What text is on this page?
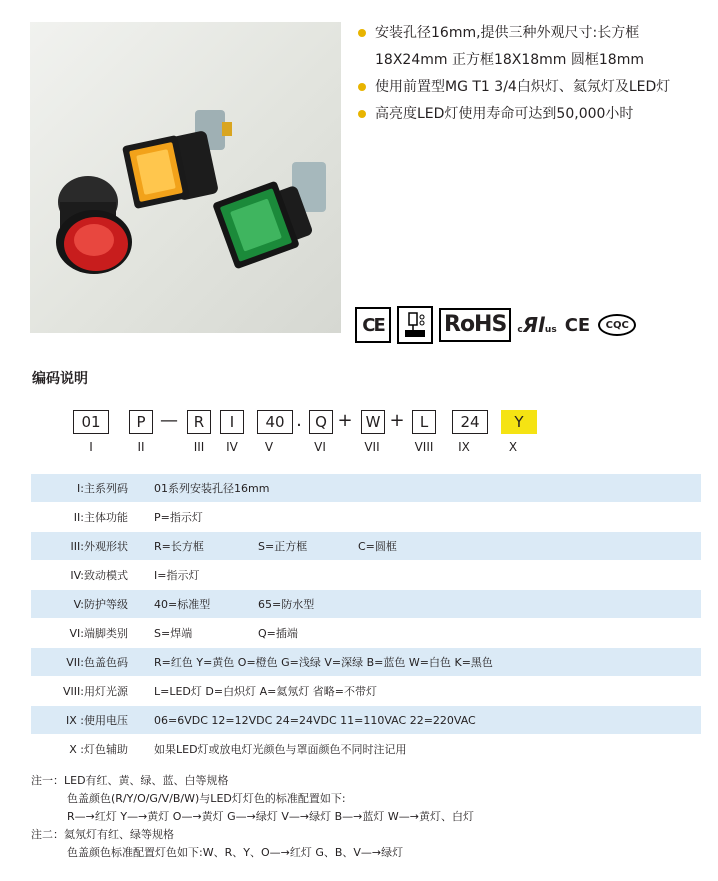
安装孔径16mm,提供三种外观尺寸:长方框
18X24mm 正方框18X18mm 圆框18mm
使用前置型MG T1 3/4白炽灯、氦氖灯及LED灯
高亮度LED灯使用寿命可达到50,000小时
CE	RoHS	cЯlus CE	CQC
编码说明
01	P —	R	I	40 . Q + W +	L	24	Y
I	II	III	IV	V	VI	VII	VIII	IX	X
I:主系列码	01系列安装孔径16mm
II:主体功能	P=指示灯
III:外观形状	R=长方框 S=正方框 C=圆框
IV:致动模式	I=指示灯
V:防护等级	40=标准型 65=防水型
VI:端脚类别	S=焊端 Q=插端
VII:色盖色码	R=红色 Y=黄色 O=橙色 G=浅绿 V=深绿 B=蓝色 W=白色 K=黑色
VIII:用灯光源	L=LED灯 D=白炽灯 A=氦氖灯 省略=不带灯
IX :使用电压	06=6VDC 12=12VDC 24=24VDC 11=110VAC 22=220VAC
X :灯色辅助	如果LED灯或放电灯光颜色与罩面颜色不同时注记用
注一：LED有红、黄、绿、蓝、白等规格
色盖颜色(R/Y/O/G/V/B/W)与LED灯灯色的标准配置如下:
R—→红灯 Y—→黄灯 O—→黄灯 G—→绿灯 V—→绿灯 B—→蓝灯 W—→黄灯、白灯
注二：氦氖灯有红、绿等规格
色盖颜色标准配置灯色如下:W、R、Y、O—→红灯 G、B、V—→绿灯
